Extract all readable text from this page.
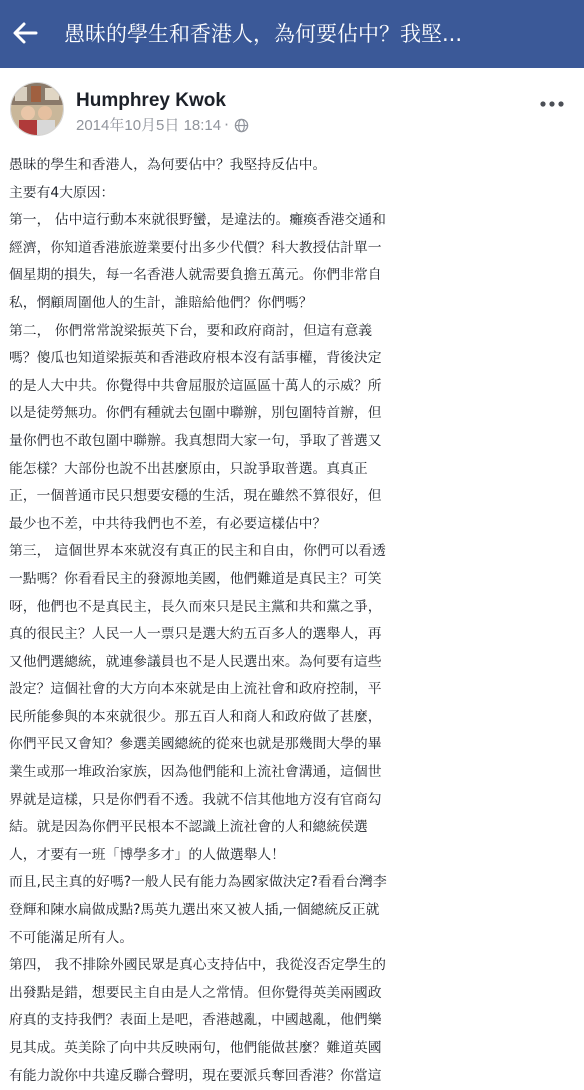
愚昧的學生和香港人，為何要佔中？我堅...
Humphrey Kwok
2014年10月5日 18:14 ·

愚昧的學生和香港人，為何要佔中？我堅持反佔中。

主要有4大原因：

第一， 佔中這行動本來就很野蠻，是違法的。癱瘓香港交通和

經濟，你知道香港旅遊業要付出多少代價？科大教授估計單一

個星期的損失，每一名香港人就需要負擔五萬元。你們非常自

私，惘顧周圍他人的生計，誰賠給他們？你們嗎？

第二， 你們常常說梁振英下台，要和政府商討，但這有意義

嗎？傻瓜也知道梁振英和香港政府根本沒有話事權，背後決定

的是人大中共。你覺得中共會屈服於這區區十萬人的示威？所

以是徒勞無功。你們有種就去包圍中聯辦，別包圍特首辦，但

量你們也不敢包圍中聯辦。我真想問大家一句，爭取了普選又

能怎樣？大部份也說不出甚麼原由，只說爭取普選。真真正

正，一個普通市民只想要安穩的生活，現在雖然不算很好，但

最少也不差，中共待我們也不差，有必要這樣佔中？

第三， 這個世界本來就沒有真正的民主和自由，你們可以看透

一點嗎？你看看民主的發源地美國，他們難道是真民主？可笑

呀，他們也不是真民主，長久而來只是民主黨和共和黨之爭，

真的很民主？人民一人一票只是選大約五百多人的選舉人，再

又他們選總統，就連參議員也不是人民選出來。為何要有這些

設定？這個社會的大方向本來就是由上流社會和政府控制，平

民所能參與的本來就很少。那五百人和商人和政府做了甚麼，

你們平民又會知？參選美國總統的從來也就是那幾間大學的畢

業生或那一堆政治家族，因為他們能和上流社會溝通，這個世

界就是這樣，只是你們看不透。我就不信其他地方沒有官商勾

結。就是因為你們平民根本不認識上流社會的人和總統侯選

人，才要有一班「博學多才」的人做選舉人！

而且,民主真的好嗎?一般人民有能力為國家做決定?看看台灣李

登輝和陳水扁做成點?馬英九選出來又被人插,一個總統反正就

不可能滿足所有人。

第四， 我不排除外國民眾是真心支持佔中，我從沒否定學生的

出發點是錯，想要民主自由是人之常情。但你覺得英美兩國政

府真的支持我們？表面上是吧，香港越亂，中國越亂，他們樂

見其成。英美除了向中共反映兩句，他們能做甚麼？難道英國

有能力說你中共違反聯合聲明，現在要派兵奪回香港？你當這
